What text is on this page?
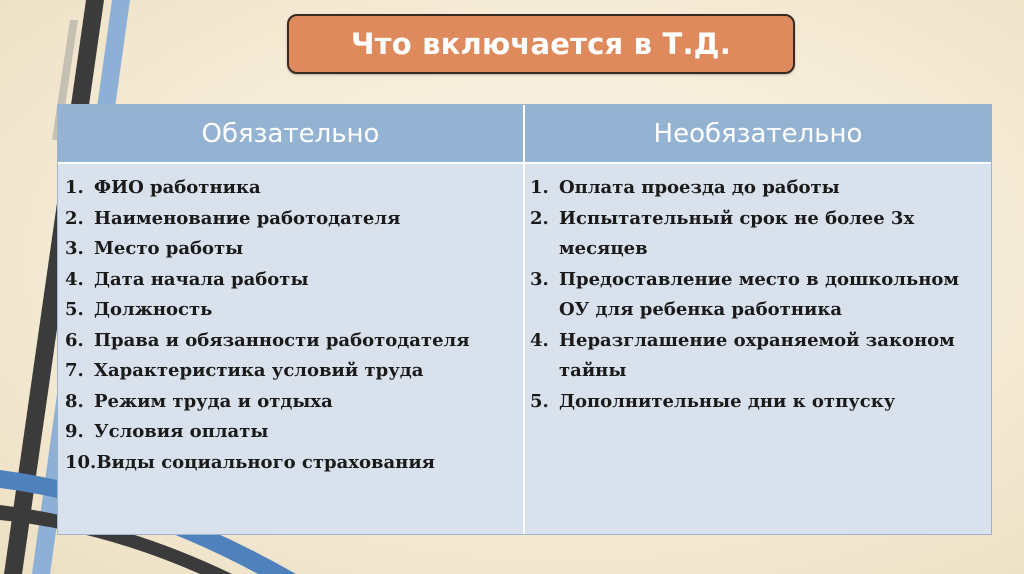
Что включается в Т.Д.
Обязательно	Необязательно
1. ФИО работника
2. Наименование работодателя
3. Место работы
4. Дата начала работы
5. Должность
6. Права и обязанности работодателя
7. Характеристика условий труда
8. Режим труда и отдыха
9. Условия оплаты
10. Виды социального страхования
1. Оплата проезда до работы
2. Испытательный срок не более 3х месяцев
3. Предоставление место в дошкольном ОУ для ребенка работника
4. Неразглашение охраняемой законом тайны
5. Дополнительные дни к отпуску
